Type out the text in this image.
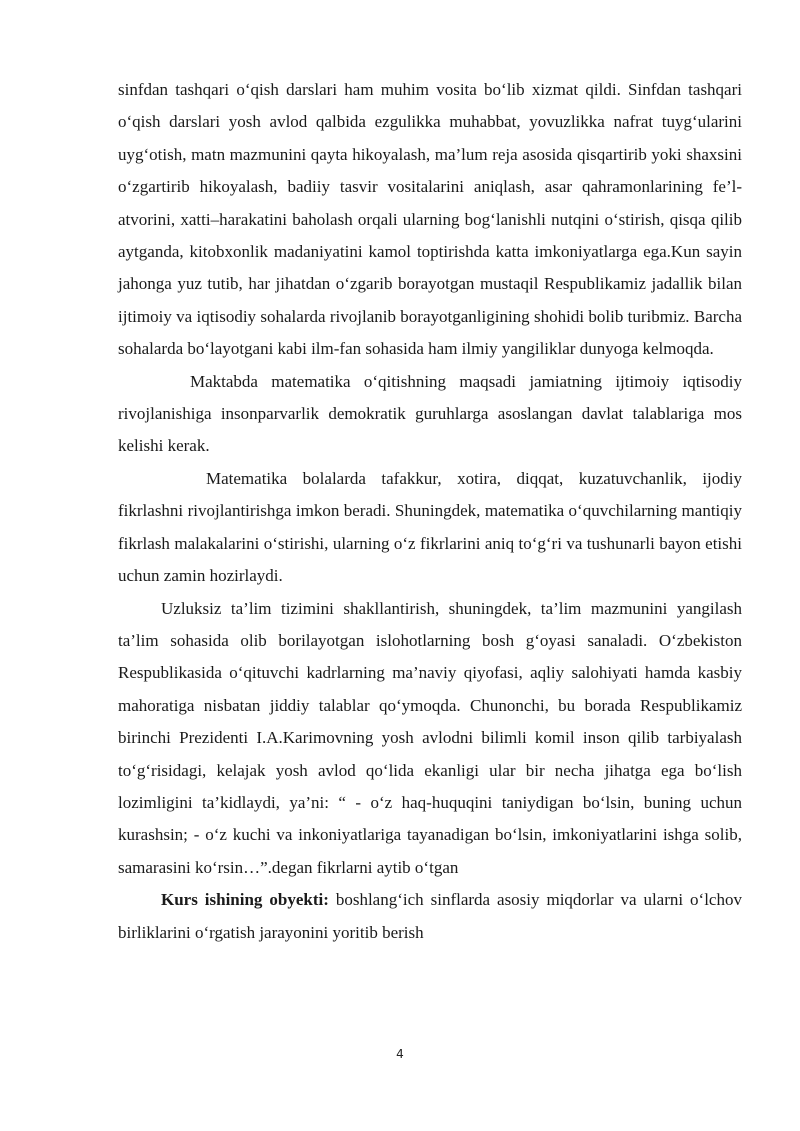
sinfdan tashqari o‘qish darslari ham muhim vosita bo‘lib xizmat qildi. Sinfdan tashqari o‘qish darslari yosh avlod qalbida ezgulikka muhabbat, yovuzlikka nafrat tuyg‘ularini uyg‘otish, matn mazmunini qayta hikoyalash, ma’lum reja asosida qisqartirib yoki shaxsini o‘zgartirib hikoyalash, badiiy tasvir vositalarini aniqlash, asar qahramonlarining fe’l-atvorini, xatti–harakatini baholash orqali ularning bog‘lanishli nutqini o‘stirish, qisqa qilib aytganda, kitobxonlik madaniyatini kamol toptirishda katta imkoniyatlarga ega.Kun sayin jahonga yuz tutib, har jihatdan o‘zgarib borayotgan mustaqil Respublikamiz jadallik bilan ijtimoiy va iqtisodiy sohalarda rivojlanib borayotganligining shohidi bolib turibmiz. Barcha sohalarda bo‘layotgani kabi ilm-fan sohasida ham ilmiy yangiliklar dunyoga kelmoqda.

Maktabda matematika o‘qitishning maqsadi jamiatning ijtimoiy iqtisodiy rivojlanishiga insonparvarlik demokratik guruhlarga asoslangan davlat talablariga mos kelishi kerak.

Matematika bolalarda tafakkur, xotira, diqqat, kuzatuvchanlik, ijodiy fikrlashni rivojlantirishga imkon beradi. Shuningdek, matematika o‘quvchilarning mantiqiy fikrlash malakalarini o‘stirishi, ularning o‘z fikrlarini aniq to‘g‘ri va tushunarli bayon etishi uchun zamin hozirlaydi.

Uzluksiz ta’lim tizimini shakllantirish, shuningdek, ta’lim mazmunini yangilash ta’lim sohasida olib borilayotgan islohotlarning bosh g‘oyasi sanaladi. O‘zbekiston Respublikasida o‘qituvchi kadrlarning ma’naviy qiyofasi, aqliy salohiyati hamda kasbiy mahoratiga nisbatan jiddiy talablar qo‘ymoqda. Chunonchi, bu borada Respublikamiz birinchi Prezidenti I.A.Karimovning yosh avlodni bilimli komil inson qilib tarbiyalash to‘g‘risidagi, kelajak yosh avlod qo‘lida ekanligi ular bir necha jihatga ega bo‘lish lozimligini ta’kidlaydi, ya’ni: “ - o‘z haq-huquqini taniydigan bo‘lsin, buning uchun kurashsin; - o‘z kuchi va inkoniyatlariga tayanadigan bo‘lsin, imkoniyatlarini ishga solib, samarasini ko‘rsin…”.degan fikrlarni aytib o‘tgan

Kurs ishining obyekti: boshlang‘ich sinflarda asosiy miqdorlar va ularni o‘lchov birliklarini o‘rgatish jarayonini yoritib berish

4
